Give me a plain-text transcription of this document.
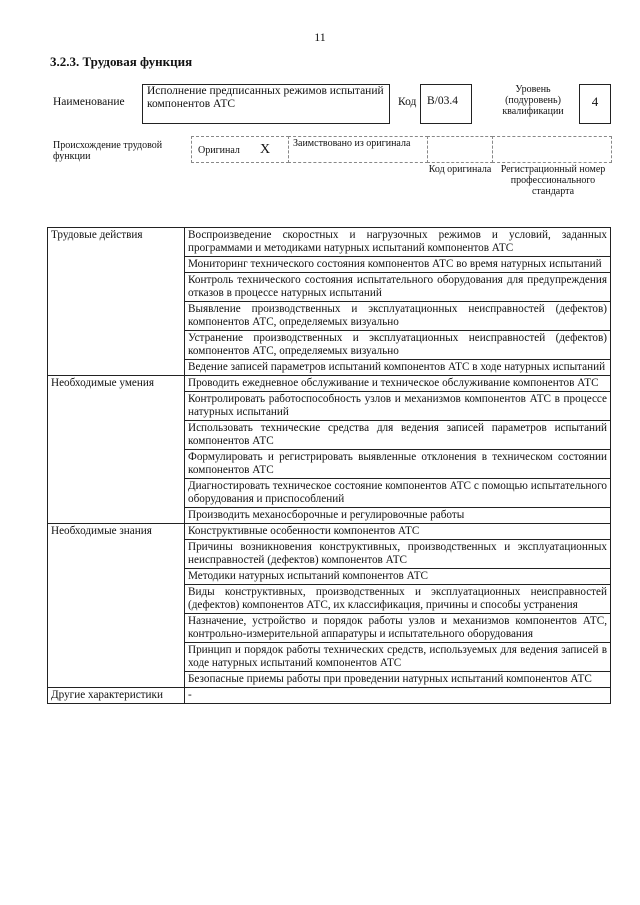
11
3.2.3. Трудовая функция
Наименование
Исполнение предписанных режимов испытаний компонентов АТС	Код B/03.4
Уровень (подуровень) квалификации
4
Происхождение трудовой функции
Оригинал X	Заимствовано из оригинала
Код оригинала Регистрационный номер профессионального стандарта
Трудовые действия	Воспроизведение скоростных и нагрузочных режимов и условий, заданных программами и методиками натурных испытаний компонентов АТС
	Мониторинг технического состояния компонентов АТС во время натурных испытаний
	Контроль технического состояния испытательного оборудования для предупреждения отказов в процессе натурных испытаний
	Выявление производственных и эксплуатационных неисправностей (дефектов) компонентов АТС, определяемых визуально
	Устранение производственных и эксплуатационных неисправностей (дефектов) компонентов АТС, определяемых визуально
	Ведение записей параметров испытаний компонентов АТС в ходе натурных испытаний
Необходимые умения	Проводить ежедневное обслуживание и техническое обслуживание компонентов АТС
	Контролировать работоспособность узлов и механизмов компонентов АТС в процессе натурных испытаний
	Использовать технические средства для ведения записей параметров испытаний компонентов АТС
	Формулировать и регистрировать выявленные отклонения в техническом состоянии компонентов АТС
	Диагностировать техническое состояние компонентов АТС с помощью испытательного оборудования и приспособлений
	Производить механосборочные и регулировочные работы
Необходимые знания	Конструктивные особенности компонентов АТС
	Причины возникновения конструктивных, производственных и эксплуатационных неисправностей (дефектов) компонентов АТС
	Методики натурных испытаний компонентов АТС
	Виды конструктивных, производственных и эксплуатационных неисправностей (дефектов) компонентов АТС, их классификация, причины и способы устранения
	Назначение, устройство и порядок работы узлов и механизмов компонентов АТС, контрольно-измерительной аппаратуры и испытательного оборудования
	Принцип и порядок работы технических средств, используемых для ведения записей в ходе натурных испытаний компонентов АТС
	Безопасные приемы работы при проведении натурных испытаний компонентов АТС
Другие характеристики	-
